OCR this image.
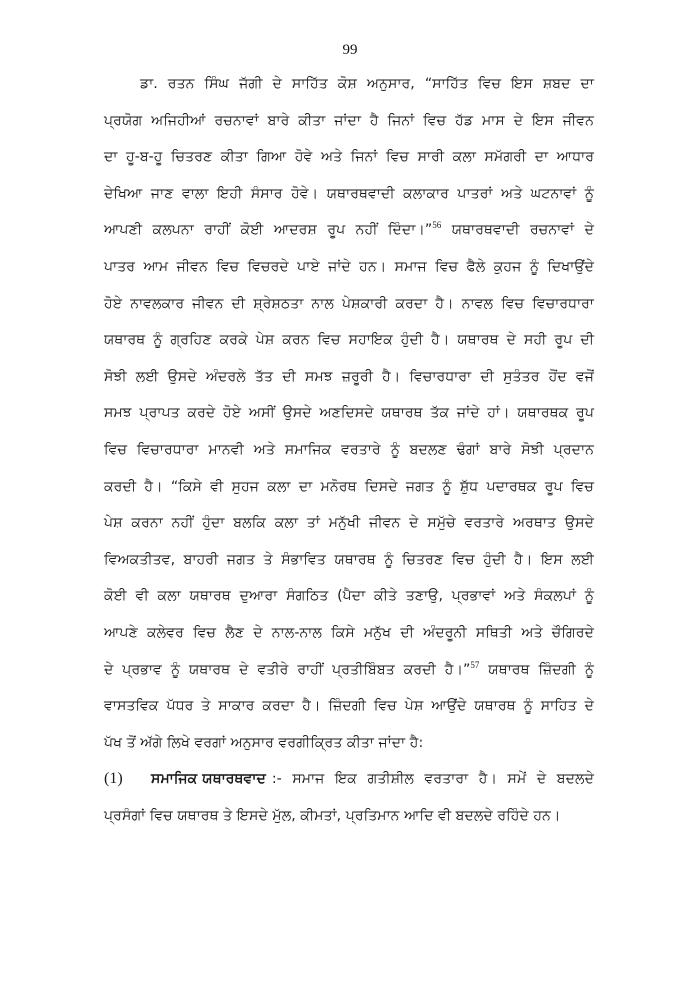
99
ਡਾ. ਰਤਨ ਸਿੰਘ ਜੱਗੀ ਦੇ ਸਾਹਿੱਤ ਕੋਸ਼ ਅਨੁਸਾਰ, “ਸਾਹਿੱਤ ਵਿਚ ਇਸ ਸ਼ਬਦ ਦਾ
ਪ੍ਰਯੋਗ ਅਜਿਹੀਆਂ ਰਚਨਾਵਾਂ ਬਾਰੇ ਕੀਤਾ ਜਾਂਦਾ ਹੈ ਜਿਨਾਂ ਵਿਚ ਹੱਡ ਮਾਸ ਦੇ ਇਸ ਜੀਵਨ
ਦਾ ਹੂ-ਬ-ਹੂ ਚਿਤਰਣ ਕੀਤਾ ਗਿਆ ਹੋਵੇ ਅਤੇ ਜਿਨਾਂ ਵਿਚ ਸਾਰੀ ਕਲਾ ਸਮੱਗਰੀ ਦਾ ਆਧਾਰ
ਦੇਖਿਆ ਜਾਣ ਵਾਲਾ ਇਹੀ ਸੰਸਾਰ ਹੋਵੇ। ਯਥਾਰਥਵਾਦੀ ਕਲਾਕਾਰ ਪਾਤਰਾਂ ਅਤੇ ਘਟਨਾਵਾਂ ਨੂੰ
ਆਪਣੀ ਕਲਪਨਾ ਰਾਹੀਂ ਕੋਈ ਆਦਰਸ਼ ਰੂਪ ਨਹੀਂ ਦਿੰਦਾ।”$^{56}$ ਯਥਾਰਥਵਾਦੀ ਰਚਨਾਵਾਂ ਦੇ
ਪਾਤਰ ਆਮ ਜੀਵਨ ਵਿਚ ਵਿਚਰਦੇ ਪਾਏ ਜਾਂਦੇ ਹਨ। ਸਮਾਜ ਵਿਚ ਫੈਲੇ ਕੁਹਜ ਨੂੰ ਦਿਖਾਉਂਦੇ
ਹੋਏ ਨਾਵਲਕਾਰ ਜੀਵਨ ਦੀ ਸ਼੍ਰੇਸ਼ਠਤਾ ਨਾਲ ਪੇਸ਼ਕਾਰੀ ਕਰਦਾ ਹੈ। ਨਾਵਲ ਵਿਚ ਵਿਚਾਰਧਾਰਾ
ਯਥਾਰਥ ਨੂੰ ਗ੍ਰਹਿਣ ਕਰਕੇ ਪੇਸ਼ ਕਰਨ ਵਿਚ ਸਹਾਇਕ ਹੁੰਦੀ ਹੈ। ਯਥਾਰਥ ਦੇ ਸਹੀ ਰੂਪ ਦੀ
ਸੋਝੀ ਲਈ ਉਸਦੇ ਅੰਦਰਲੇ ਤੱਤ ਦੀ ਸਮਝ ਜ਼ਰੂਰੀ ਹੈ। ਵਿਚਾਰਧਾਰਾ ਦੀ ਸੁਤੰਤਰ ਹੋਂਦ ਵਜੋਂ
ਸਮਝ ਪ੍ਰਾਪਤ ਕਰਦੇ ਹੋਏ ਅਸੀਂ ਉਸਦੇ ਅਣਦਿਸਦੇ ਯਥਾਰਥ ਤੱਕ ਜਾਂਦੇ ਹਾਂ। ਯਥਾਰਥਕ ਰੂਪ
ਵਿਚ ਵਿਚਾਰਧਾਰਾ ਮਾਨਵੀ ਅਤੇ ਸਮਾਜਿਕ ਵਰਤਾਰੇ ਨੂੰ ਬਦਲਣ ਢੰਗਾਂ ਬਾਰੇ ਸੋਝੀ ਪ੍ਰਦਾਨ
ਕਰਦੀ ਹੈ। “ਕਿਸੇ ਵੀ ਸੁਹਜ ਕਲਾ ਦਾ ਮਨੋਰਥ ਦਿਸਦੇ ਜਗਤ ਨੂੰ ਸ਼ੁੱਧ ਪਦਾਰਥਕ ਰੂਪ ਵਿਚ
ਪੇਸ਼ ਕਰਨਾ ਨਹੀਂ ਹੁੰਦਾ ਬਲਕਿ ਕਲਾ ਤਾਂ ਮਨੁੱਖੀ ਜੀਵਨ ਦੇ ਸਮੁੱਚੇ ਵਰਤਾਰੇ ਅਰਥਾਤ ਉਸਦੇ
ਵਿਅਕਤੀਤਵ, ਬਾਹਰੀ ਜਗਤ ਤੇ ਸੰਭਾਵਿਤ ਯਥਾਰਥ ਨੂੰ ਚਿਤਰਣ ਵਿਚ ਹੁੰਦੀ ਹੈ। ਇਸ ਲਈ
ਕੋਈ ਵੀ ਕਲਾ ਯਥਾਰਥ ਦੁਆਰਾ ਸੰਗਠਿਤ (ਪੈਦਾ ਕੀਤੇ ਤਣਾਉ, ਪ੍ਰਭਾਵਾਂ ਅਤੇ ਸੰਕਲਪਾਂ ਨੂੰ
ਆਪਣੇ ਕਲੇਵਰ ਵਿਚ ਲੈਣ ਦੇ ਨਾਲ-ਨਾਲ ਕਿਸੇ ਮਨੁੱਖ ਦੀ ਅੰਦਰੂਨੀ ਸਥਿਤੀ ਅਤੇ ਚੌਗਿਰਦੇ
ਦੇ ਪ੍ਰਭਾਵ ਨੂੰ ਯਥਾਰਥ ਦੇ ਵਤੀਰੇ ਰਾਹੀਂ ਪ੍ਰਤੀਬਿੰਬਤ ਕਰਦੀ ਹੈ।”$^{57}$ ਯਥਾਰਥ ਜ਼ਿੰਦਗੀ ਨੂੰ
ਵਾਸਤਵਿਕ ਪੱਧਰ ਤੇ ਸਾਕਾਰ ਕਰਦਾ ਹੈ। ਜ਼ਿੰਦਗੀ ਵਿਚ ਪੇਸ਼ ਆਉਂਦੇ ਯਥਾਰਥ ਨੂੰ ਸਾਹਿਤ ਦੇ
ਪੱਖ ਤੋਂ ਅੱਗੇ ਲਿਖੇ ਵਰਗਾਂ ਅਨੁਸਾਰ ਵਰਗੀਕ੍ਰਿਤ ਕੀਤਾ ਜਾਂਦਾ ਹੈ:
(1)	ਸਮਾਜਿਕ ਯਥਾਰਥਵਾਦ :- ਸਮਾਜ ਇਕ ਗਤੀਸ਼ੀਲ ਵਰਤਾਰਾ ਹੈ। ਸਮੇਂ ਦੇ ਬਦਲਦੇ
ਪ੍ਰਸੰਗਾਂ ਵਿਚ ਯਥਾਰਥ ਤੇ ਇਸਦੇ ਮੁੱਲ, ਕੀਮਤਾਂ, ਪ੍ਰਤਿਮਾਨ ਆਦਿ ਵੀ ਬਦਲਦੇ ਰਹਿੰਦੇ ਹਨ।
